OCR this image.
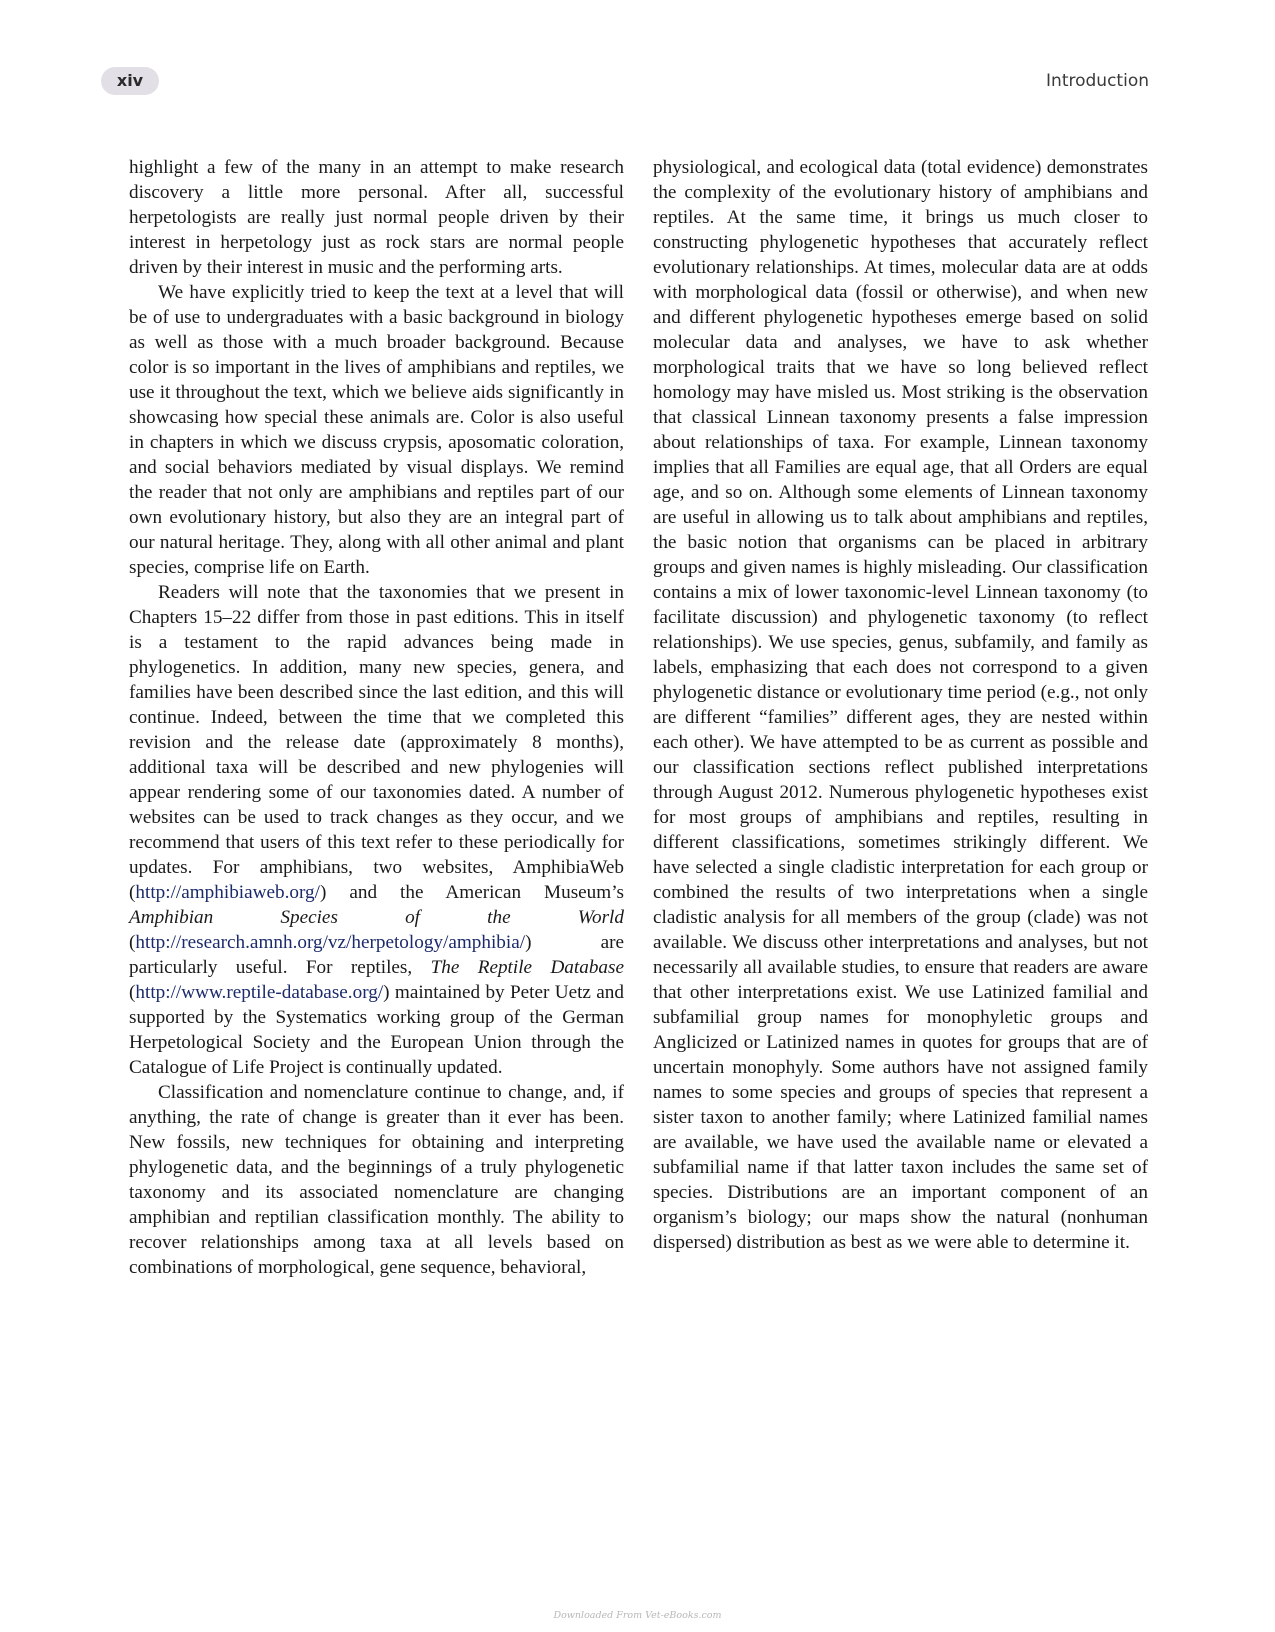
xiv	Introduction

highlight a few of the many in an attempt to make research discovery a little more personal. After all, successful herpetologists are really just normal people driven by their interest in herpetology just as rock stars are normal people driven by their interest in music and the performing arts.

We have explicitly tried to keep the text at a level that will be of use to undergraduates with a basic background in biology as well as those with a much broader background. Because color is so important in the lives of amphibians and reptiles, we use it throughout the text, which we believe aids significantly in showcasing how special these animals are. Color is also useful in chapters in which we discuss crypsis, aposomatic coloration, and social behaviors mediated by visual displays. We remind the reader that not only are amphibians and reptiles part of our own evolutionary history, but also they are an integral part of our natural heritage. They, along with all other animal and plant species, comprise life on Earth.

Readers will note that the taxonomies that we present in Chapters 15–22 differ from those in past editions. This in itself is a testament to the rapid advances being made in phylogenetics. In addition, many new species, genera, and families have been described since the last edition, and this will continue. Indeed, between the time that we completed this revision and the release date (approximately 8 months), additional taxa will be described and new phylogenies will appear rendering some of our taxonomies dated. A number of websites can be used to track changes as they occur, and we recommend that users of this text refer to these periodically for updates. For amphibians, two websites, AmphibiaWeb (http://amphibiaweb.org/) and the American Museum’s Amphibian Species of the World (http://research.amnh.org/vz/herpetology/amphibia/) are particularly useful. For reptiles, The Reptile Database (http://www.reptile-database.org/) maintained by Peter Uetz and supported by the Systematics working group of the German Herpetological Society and the European Union through the Catalogue of Life Project is continually updated.

Classification and nomenclature continue to change, and, if anything, the rate of change is greater than it ever has been. New fossils, new techniques for obtaining and interpreting phylogenetic data, and the beginnings of a truly phylogenetic taxonomy and its associated nomenclature are changing amphibian and reptilian classification monthly. The ability to recover relationships among taxa at all levels based on combinations of morphological, gene sequence, behavioral,

physiological, and ecological data (total evidence) demonstrates the complexity of the evolutionary history of amphibians and reptiles. At the same time, it brings us much closer to constructing phylogenetic hypotheses that accurately reflect evolutionary relationships. At times, molecular data are at odds with morphological data (fossil or otherwise), and when new and different phylogenetic hypotheses emerge based on solid molecular data and analyses, we have to ask whether morphological traits that we have so long believed reflect homology may have misled us. Most striking is the observation that classical Linnean taxonomy presents a false impression about relationships of taxa. For example, Linnean taxonomy implies that all Families are equal age, that all Orders are equal age, and so on. Although some elements of Linnean taxonomy are useful in allowing us to talk about amphibians and reptiles, the basic notion that organisms can be placed in arbitrary groups and given names is highly misleading. Our classification contains a mix of lower taxonomic-level Linnean taxonomy (to facilitate discussion) and phylogenetic taxonomy (to reflect relationships). We use species, genus, subfamily, and family as labels, emphasizing that each does not correspond to a given phylogenetic distance or evolutionary time period (e.g., not only are different “families” different ages, they are nested within each other). We have attempted to be as current as possible and our classification sections reflect published interpretations through August 2012. Numerous phylogenetic hypotheses exist for most groups of amphibians and reptiles, resulting in different classifications, sometimes strikingly different. We have selected a single cladistic interpretation for each group or combined the results of two interpretations when a single cladistic analysis for all members of the group (clade) was not available. We discuss other interpretations and analyses, but not necessarily all available studies, to ensure that readers are aware that other interpretations exist. We use Latinized familial and subfamilial group names for monophyletic groups and Anglicized or Latinized names in quotes for groups that are of uncertain monophyly. Some authors have not assigned family names to some species and groups of species that represent a sister taxon to another family; where Latinized familial names are available, we have used the available name or elevated a subfamilial name if that latter taxon includes the same set of species. Distributions are an important component of an organism’s biology; our maps show the natural (nonhuman dispersed) distribution as best as we were able to determine it.

Downloaded From Vet-eBooks.com
